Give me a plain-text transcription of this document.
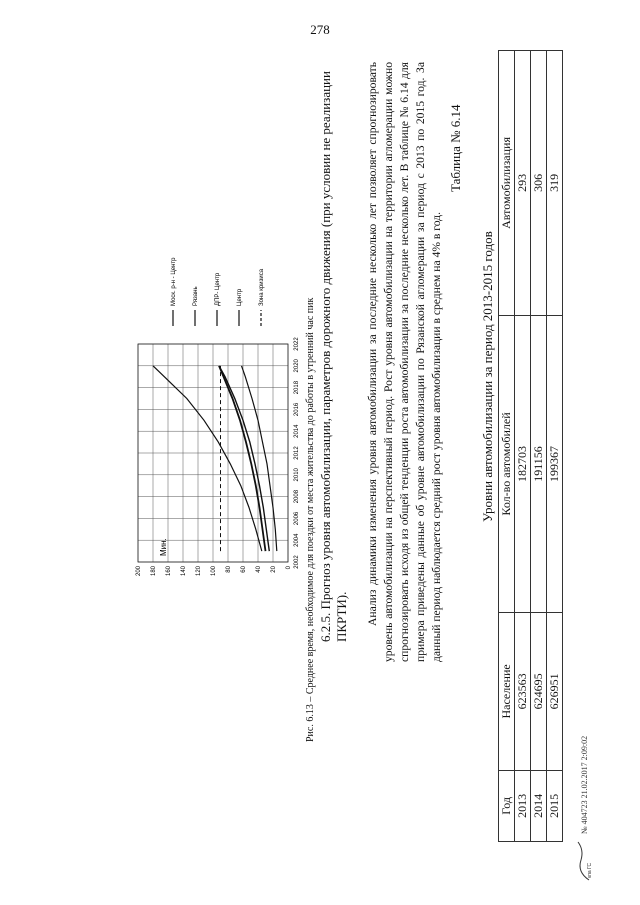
278
2002
2004
2006
2008
2010
2012
2014
2016
2018
2020
2022
0
20
40
60
80
100
120
140
160
180
200
Мин.
Моск. р-н - Центр	Рязань	ДПР- Центр	Центр	Зона кризиса
Рис. 6.13 – Среднее время, необходимое для поездки от места жительства до работы в утренний час пик 6.2.5. Прогноз уровня автомобилизации, параметров дорожного движения (при условии не реализации ПКРТИ). Анализ динамики изменения уровня автомобилизации за последние несколько лет позволяет спрогнозировать уровень автомобилизации на перспективный период. Рост уровня автомобилизации на территории агломерации можно спрогнозировать исходя из общей тенденции роста автомобилизации за последние несколько лет. В таблице № 6.14 для примера приведены данные об уровне автомобилизации по Рязанской агломерации за период с 2013 по 2015 год. За данный период наблюдается средний рост уровня автомобилизации в среднем на 4% в год.
Таблица № 6.14
Уровни автомобилизации за период 2013-2015 годов
Год	Население	Кол-во автомобилей	Автомобилизация
2013	623563	182703	293
2014	624695	191156	306
2015	626951	199367	319
кпа ГС
№ 404723 21.02.2017 2:09:02
